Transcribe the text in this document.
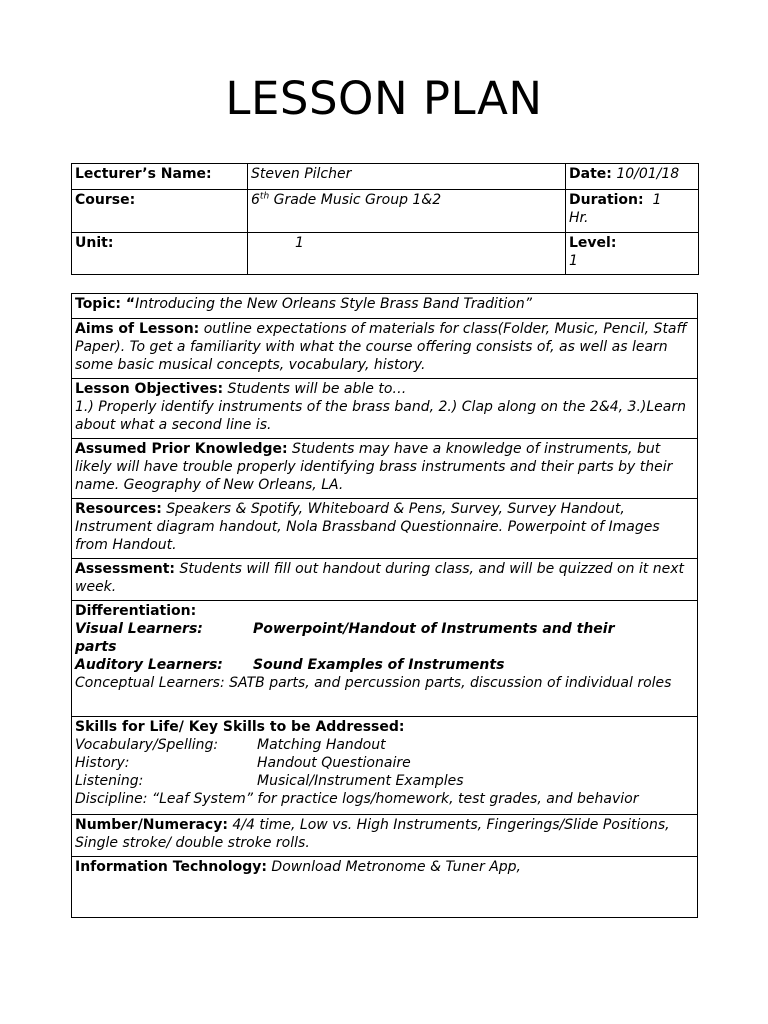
LESSON PLAN
Lecturer’s Name:	Steven Pilcher	Date: 10/01/18
Course:	6th Grade Music Group 1&2	Duration: 1
Hr.
Unit:	1	Level:
1
Topic: “Introducing the New Orleans Style Brass Band Tradition”
Aims of Lesson: outline expectations of materials for class(Folder, Music, Pencil, Staff Paper). To get a familiarity with what the course offering consists of, as well as learn some basic musical concepts, vocabulary, history.
Lesson Objectives: Students will be able to…
1.) Properly identify instruments of the brass band, 2.) Clap along on the 2&4, 3.)Learn about what a second line is.
Assumed Prior Knowledge: Students may have a knowledge of instruments, but likely will have trouble properly identifying brass instruments and their parts by their name. Geography of New Orleans, LA.
Resources: Speakers & Spotify, Whiteboard & Pens, Survey, Survey Handout, Instrument diagram handout, Nola Brassband Questionnaire. Powerpoint of Images from Handout.
Assessment: Students will fill out handout during class, and will be quizzed on it next week.

Differentiation:
Visual Learners:	Powerpoint/Handout of Instruments and their
parts
Auditory Learners:	Sound Examples of Instruments
Conceptual Learners: SATB parts, and percussion parts, discussion of individual roles

Skills for Life/ Key Skills to be Addressed:
Vocabulary/Spelling:	Matching Handout
History:	Handout Questionaire
Listening:	Musical/Instrument Examples
Discipline: “Leaf System” for practice logs/homework, test grades, and behavior

Number/Numeracy: 4/4 time, Low vs. High Instruments, Fingerings/Slide Positions, Single stroke/ double stroke rolls.
Information Technology: Download Metronome & Tuner App,
